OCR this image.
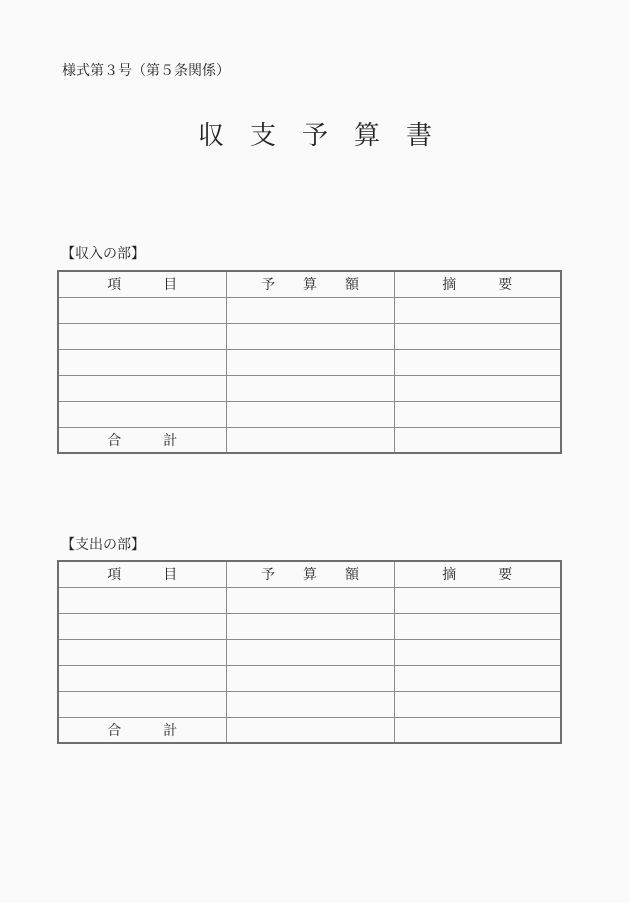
様式第３号（第５条関係）
収　支　予　算　書
【収入の部】
項　　　目	予　　算　　額	摘　　　要

合　　　計		
【支出の部】
項　　　目	予　　算　　額	摘　　　要

合　　　計		
